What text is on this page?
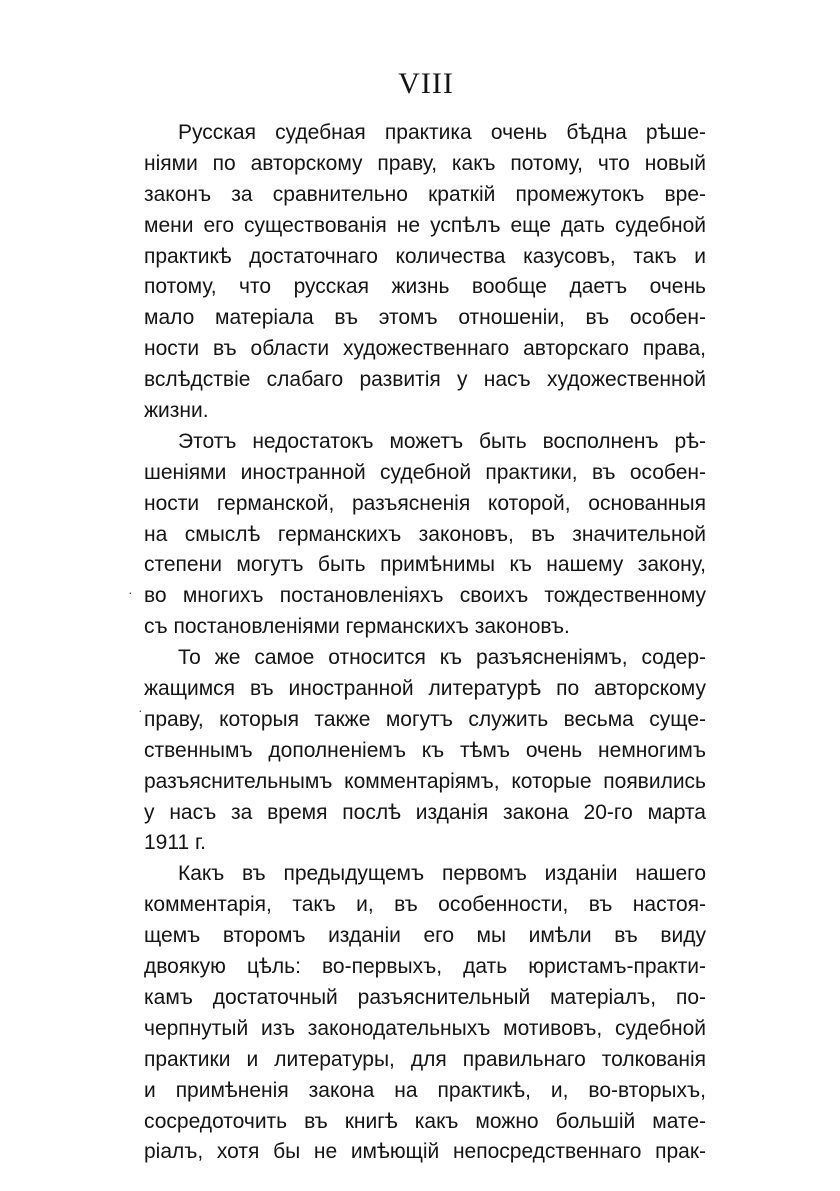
VIII
Русская судебная практика очень бѣдна рѣше-
ніями по авторскому праву, какъ потому, что новый
законъ за сравнительно краткій промежутокъ вре-
мени его существованія не успѣлъ еще дать судебной
практикѣ достаточнаго количества казусовъ, такъ и
потому, что русская жизнь вообще даетъ очень
мало матеріала въ этомъ отношеніи, въ особен-
ности въ области художественнаго авторскаго права,
вслѣдствіе слабаго развитія у насъ художественной
жизни.
Этотъ недостатокъ можетъ быть восполненъ рѣ-
шеніями иностранной судебной практики, въ особен-
ности германской, разъясненія которой, основанныя
на смыслѣ германскихъ законовъ, въ значительной
степени могутъ быть примѣнимы къ нашему закону,
во многихъ постановленіяхъ своихъ тождественному
съ постановленіями германскихъ законовъ.
То же самое относится къ разъясненіямъ, содер-
жащимся въ иностранной литературѣ по авторскому
праву, которыя также могутъ служить весьма суще-
ственнымъ дополненіемъ къ тѣмъ очень немногимъ
разъяснительнымъ комментаріямъ, которые появились
у насъ за время послѣ изданія закона 20-го марта
1911 г.
Какъ въ предыдущемъ первомъ изданіи нашего
комментарія, такъ и, въ особенности, въ настоя-
щемъ второмъ изданіи его мы имѣли въ виду
двоякую цѣль: во-первыхъ, дать юристамъ-практи-
камъ достаточный разъяснительный матеріалъ, по-
черпнутый изъ законодательныхъ мотивовъ, судебной
практики и литературы, для правильнаго толкованія
и примѣненія закона на практикѣ, и, во-вторыхъ,
сосредоточить въ книгѣ какъ можно большій мате-
ріалъ, хотя бы не имѣющій непосредственнаго прак-
·
·
